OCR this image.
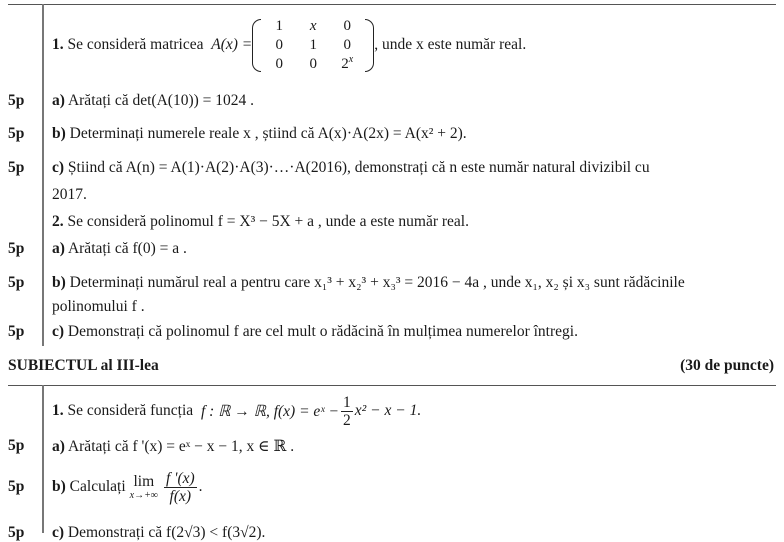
1.
Se consideră matricea
A(x) =
1	x	0
0	1	0
0	0	2$^x$
, unde x este număr real.
5p	a) Arătați că det(A(10)) = 1024 .
5p	b) Determinați numerele reale x , știind că A(x)·A(2x) = A(x² + 2).
5p	c) Știind că A(n) = A(1)·A(2)·A(3)·…·A(2016), demonstrați că n este număr natural divizibil cu
2017.
2. Se consideră polinomul f = X³ − 5X + a , unde a este număr real.
5p	a) Arătați că f(0) = a .
5p	b) Determinați numărul real a pentru care x₁³ + x₂³ + x₃³ = 2016 − 4a , unde x₁, x₂ și x₃ sunt rădăcinile
polinomului f .
5p	c) Demonstrați că polinomul f are cel mult o rădăcină în mulțimea numerelor întregi.
SUBIECTUL al III-lea	(30 de puncte)
1.
Se consideră funcția
f : ℝ → ℝ, f(x) = eˣ − $\frac{1}{2} x^2 - x - 1$.
5p	a) Arătați că f '(x) = eˣ − x − 1, x ∈ ℝ .
5p	b)
Calculați lim
$x\to+\infty \frac{f '(x)}{f(x)}$ .
5p	c) Demonstrați că f(2√3) < f(3√2).
